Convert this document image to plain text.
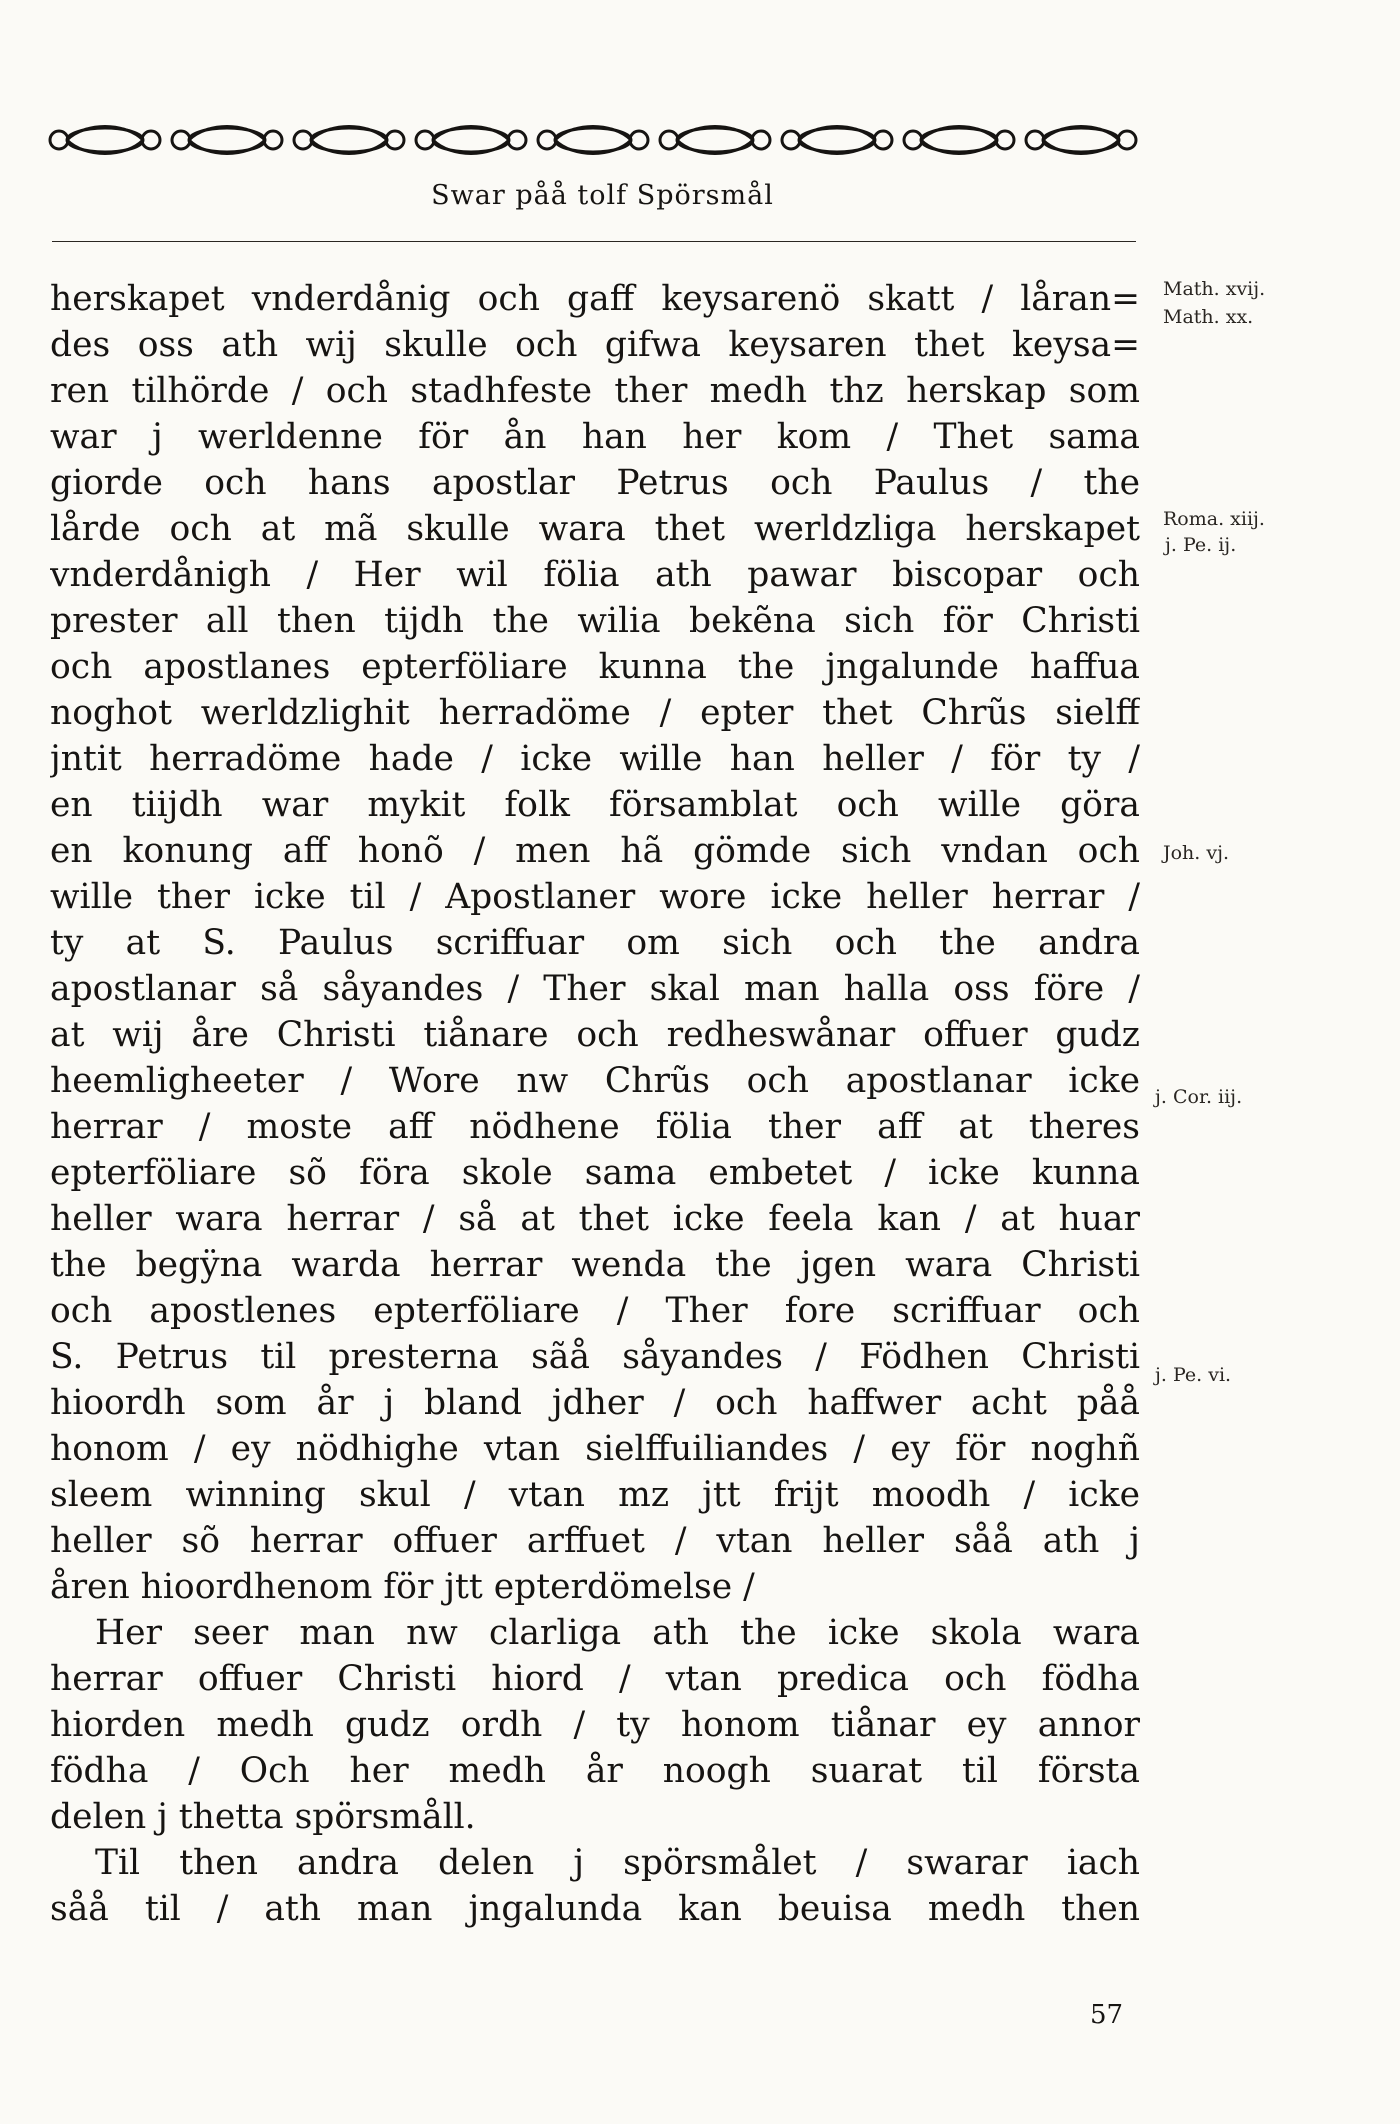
Swar påå tolf Spörsmål
herskapet vnderdånig och gaff keysarenö skatt / låran=
des oss ath wij skulle och gifwa keysaren thet keysa=
ren tilhörde / och stadhfeste ther medh thz herskap som
war j werldenne för ån han her kom / Thet sama
giorde och hans apostlar Petrus och Paulus / the
lårde och at mã skulle wara thet werldzliga herskapet
vnderdånigh / Her wil fölia ath pawar biscopar och
prester all then tijdh the wilia bekẽna sich för Christi
och apostlanes epterföliare kunna the jngalunde haffua
noghot werldzlighit herradöme / epter thet Chrũs sielff
jntit herradöme hade / icke wille han heller / för ty /
en tiijdh war mykit folk församblat och wille göra
en konung aff honõ / men hã gömde sich vndan och
wille ther icke til / Apostlaner wore icke heller herrar /
ty at S. Paulus scriffuar om sich och the andra
apostlanar så såyandes / Ther skal man halla oss före /
at wij åre Christi tiånare och redheswånar offuer gudz
heemligheeter / Wore nw Chrũs och apostlanar icke
herrar / moste aff nödhene fölia ther aff at theres
epterföliare sõ föra skole sama embetet / icke kunna
heller wara herrar / så at thet icke feela kan / at huar
the begÿna warda herrar wenda the jgen wara Christi
och apostlenes epterföliare / Ther fore scriffuar och
S. Petrus til presterna sãå såyandes / Födhen Christi
hioordh som år j bland jdher / och haffwer acht påå
honom / ey nödhighe vtan sielffuiliandes / ey för noghñ
sleem winning skul / vtan mz jtt frijt moodh / icke
heller sõ herrar offuer arffuet / vtan heller såå ath j
åren hioordhenom för jtt epterdömelse /
Her seer man nw clarliga ath the icke skola wara
herrar offuer Christi hiord / vtan predica och födha
hiorden medh gudz ordh / ty honom tiånar ey annor
födha / Och her medh år noogh suarat til första
delen j thetta spörsmåll.
Til then andra delen j spörsmålet / swarar iach
såå til / ath man jngalunda kan beuisa medh then
Math. xvij.
Math. xx.
Roma. xiij.
j. Pe. ij.
Joh. vj.
j. Cor. iij.
j. Pe. vi.
57
